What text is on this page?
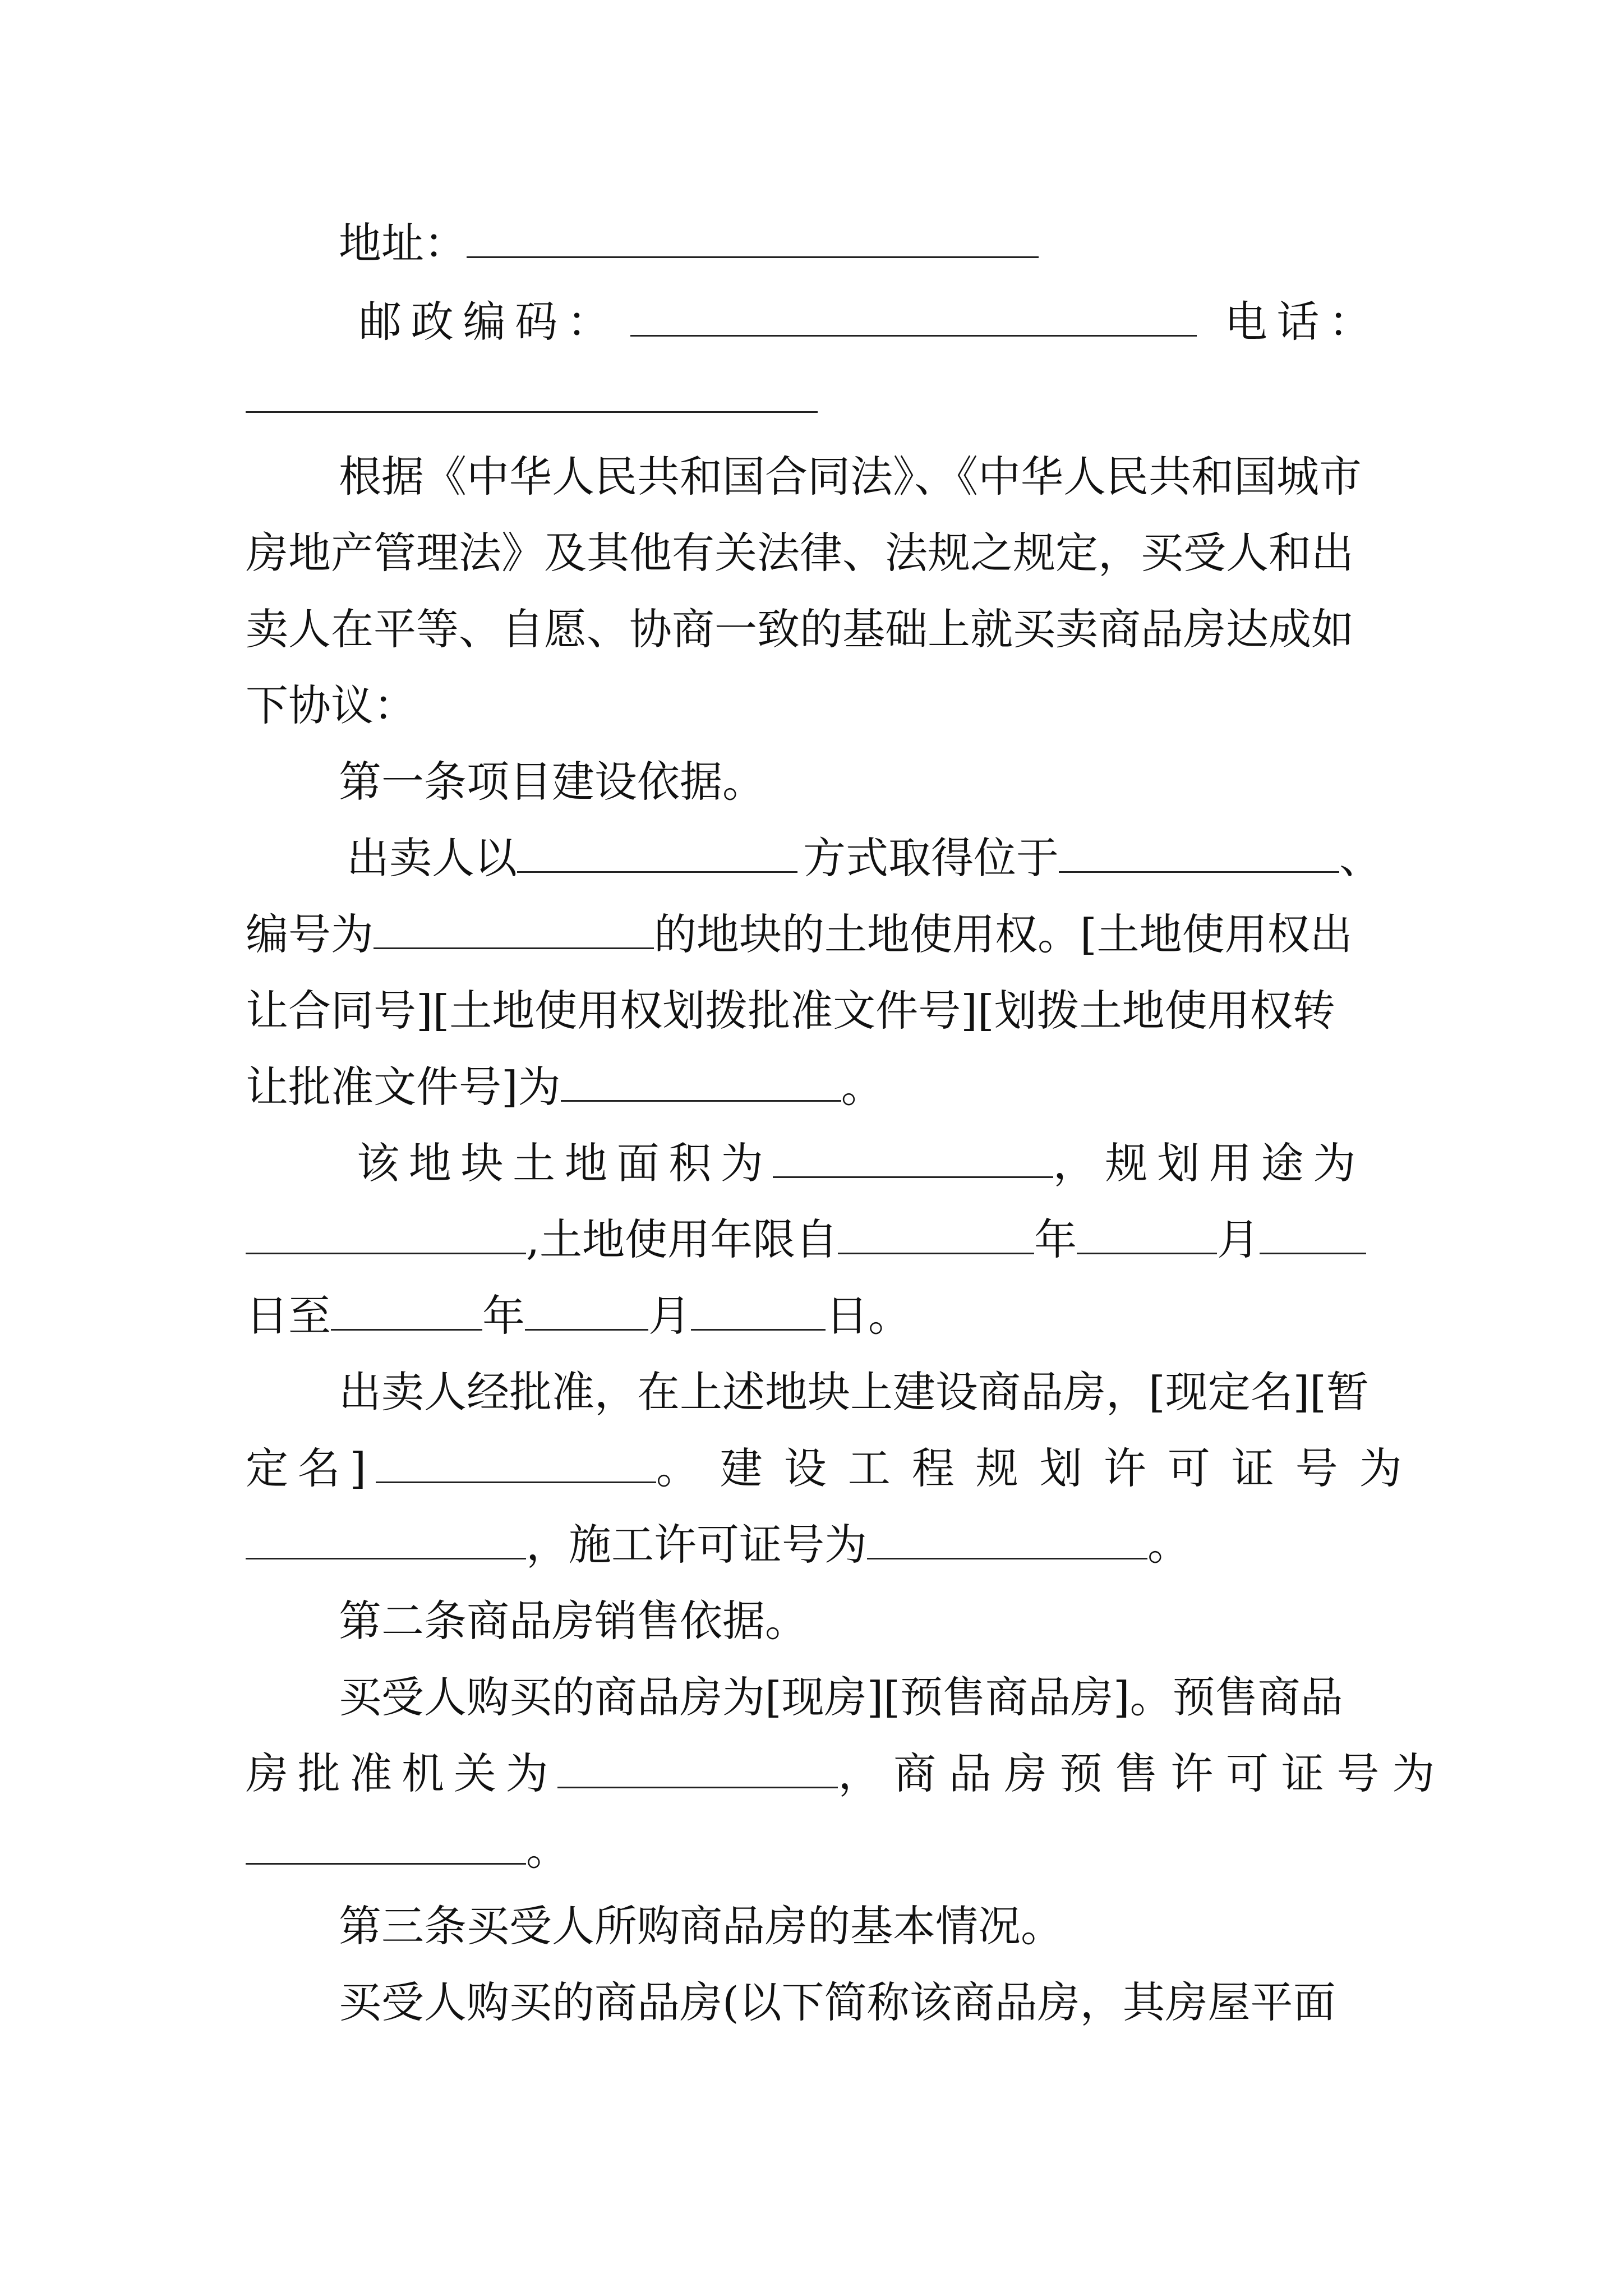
地址：
邮政编码：	电话：
根据《中华人民共和国合同法》、《中华人民共和国城市
房地产管理法》及其他有关法律、法规之规定，买受人和出
卖人在平等、自愿、协商一致的基础上就买卖商品房达成如
下协议：
第一条项目建设依据。
出卖人以	方式取得位于	、
编号为	的地块的土地使用权。[土地使用权出
让合同号][土地使用权划拨批准文件号][划拨土地使用权转
让批准文件号]为	。
该地块土地面积为	，规划用途为
,土地使用年限自	年	月
日至	年	月	日。
出卖人经批准，在上述地块上建设商品房，[现定名][暂
定名]	。建设工程规划许可证号为
，施工许可证号为	。
第二条商品房销售依据。
买受人购买的商品房为[现房][预售商品房]。预售商品
房批准机关为	，商品房预售许可证号为
。
第三条买受人所购商品房的基本情况。
买受人购买的商品房(以下简称该商品房，其房屋平面
